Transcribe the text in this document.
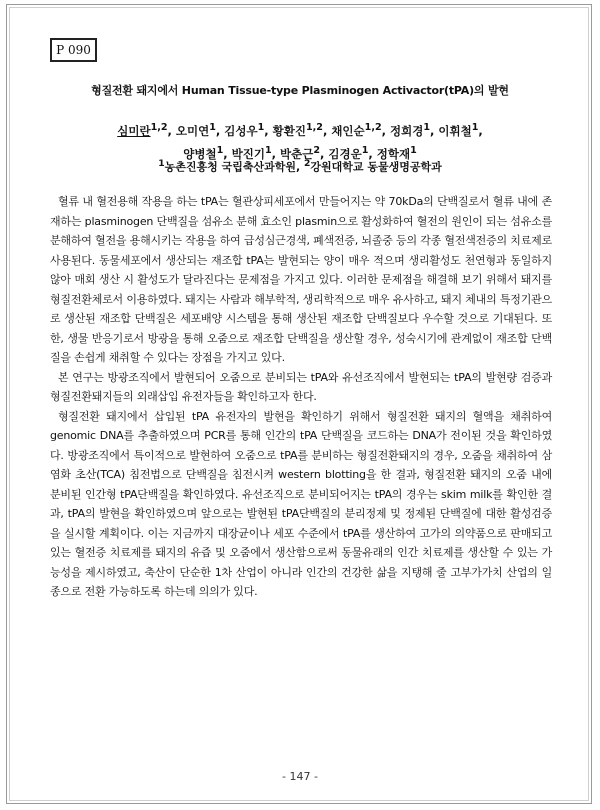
P 090
형질전환 돼지에서 Human Tissue-type Plasminogen Activactor(tPA)의 발현
심미란$^{1,2}$, 오미연$^1$, 김성우$^1$, 황환진$^{1,2}$, 채인순$^{1,2}$, 정희경$^1$, 이휘철$^1$,
양병철$^1$, 박진기$^1$, 박춘근$^2$, 김경운$^1$, 정학재$^1$
$^1$농촌진흥청 국립축산과학원, $^2$강원대학교 동물생명공학과

혈류 내 혈전용해 작용을 하는 tPA는 혈관상피세포에서 만들어지는 약 70kDa의 단백질로서 혈류 내에 존재하는 plasminogen 단백질을 섬유소 분해 효소인 plasmin으로 활성화하여 혈전의 원인이 되는 섬유소를 분해하여 혈전을 용해시키는 작용을 하여 급성심근경색, 폐색전증, 뇌졸중 등의 각종 혈전색전증의 치료제로 사용된다. 동물세포에서 생산되는 재조합 tPA는 발현되는 양이 매우 적으며 생리활성도 천연형과 동일하지 않아 매회 생산 시 활성도가 달라진다는 문제점을 가지고 있다. 이러한 문제점을 해결해 보기 위해서 돼지를 형질전환체로서 이용하였다. 돼지는 사람과 해부학적, 생리학적으로 매우 유사하고, 돼지 체내의 특정기관으로 생산된 재조합 단백질은 세포배양 시스템을 통해 생산된 재조합 단백질보다 우수할 것으로 기대된다. 또한, 생물 반응기로서 방광을 통해 오줌으로 재조합 단백질을 생산할 경우, 성숙시기에 관계없이 재조합 단백질을 손쉽게 채취할 수 있다는 장점을 가지고 있다.

본 연구는 방광조직에서 발현되어 오줌으로 분비되는 tPA와 유선조직에서 발현되는 tPA의 발현량 검증과 형질전환돼지들의 외래삽입 유전자들을 확인하고자 한다.

형질전환 돼지에서 삽입된 tPA 유전자의 발현을 확인하기 위해서 형질전환 돼지의 혈액을 채취하여 genomic DNA를 추출하였으며 PCR를 통해 인간의 tPA 단백질을 코드하는 DNA가 전이된 것을 확인하였다. 방광조직에서 특이적으로 발현하여 오줌으로 tPA를 분비하는 형질전환돼지의 경우, 오줌을 채취하여 삼염화 초산(TCA) 침전법으로 단백질을 침전시켜 western blotting을 한 결과, 형질전환 돼지의 오줌 내에 분비된 인간형 tPA단백질을 확인하였다. 유선조직으로 분비되어지는 tPA의 경우는 skim milk를 확인한 결과, tPA의 발현을 확인하였으며 앞으로는 발현된 tPA단백질의 분리정제 및 정제된 단백질에 대한 활성검증을 실시할 계획이다. 이는 지금까지 대장균이나 세포 수준에서 tPA를 생산하여 고가의 의약품으로 판매되고 있는 혈전증 치료제를 돼지의 유즙 및 오줌에서 생산함으로써 동물유래의 인간 치료제를 생산할 수 있는 가능성을 제시하였고, 축산이 단순한 1차 산업이 아니라 인간의 건강한 삶을 지탱해 줄 고부가가치 산업의 일종으로 전환 가능하도록 하는데 의의가 있다.

- 147 -
